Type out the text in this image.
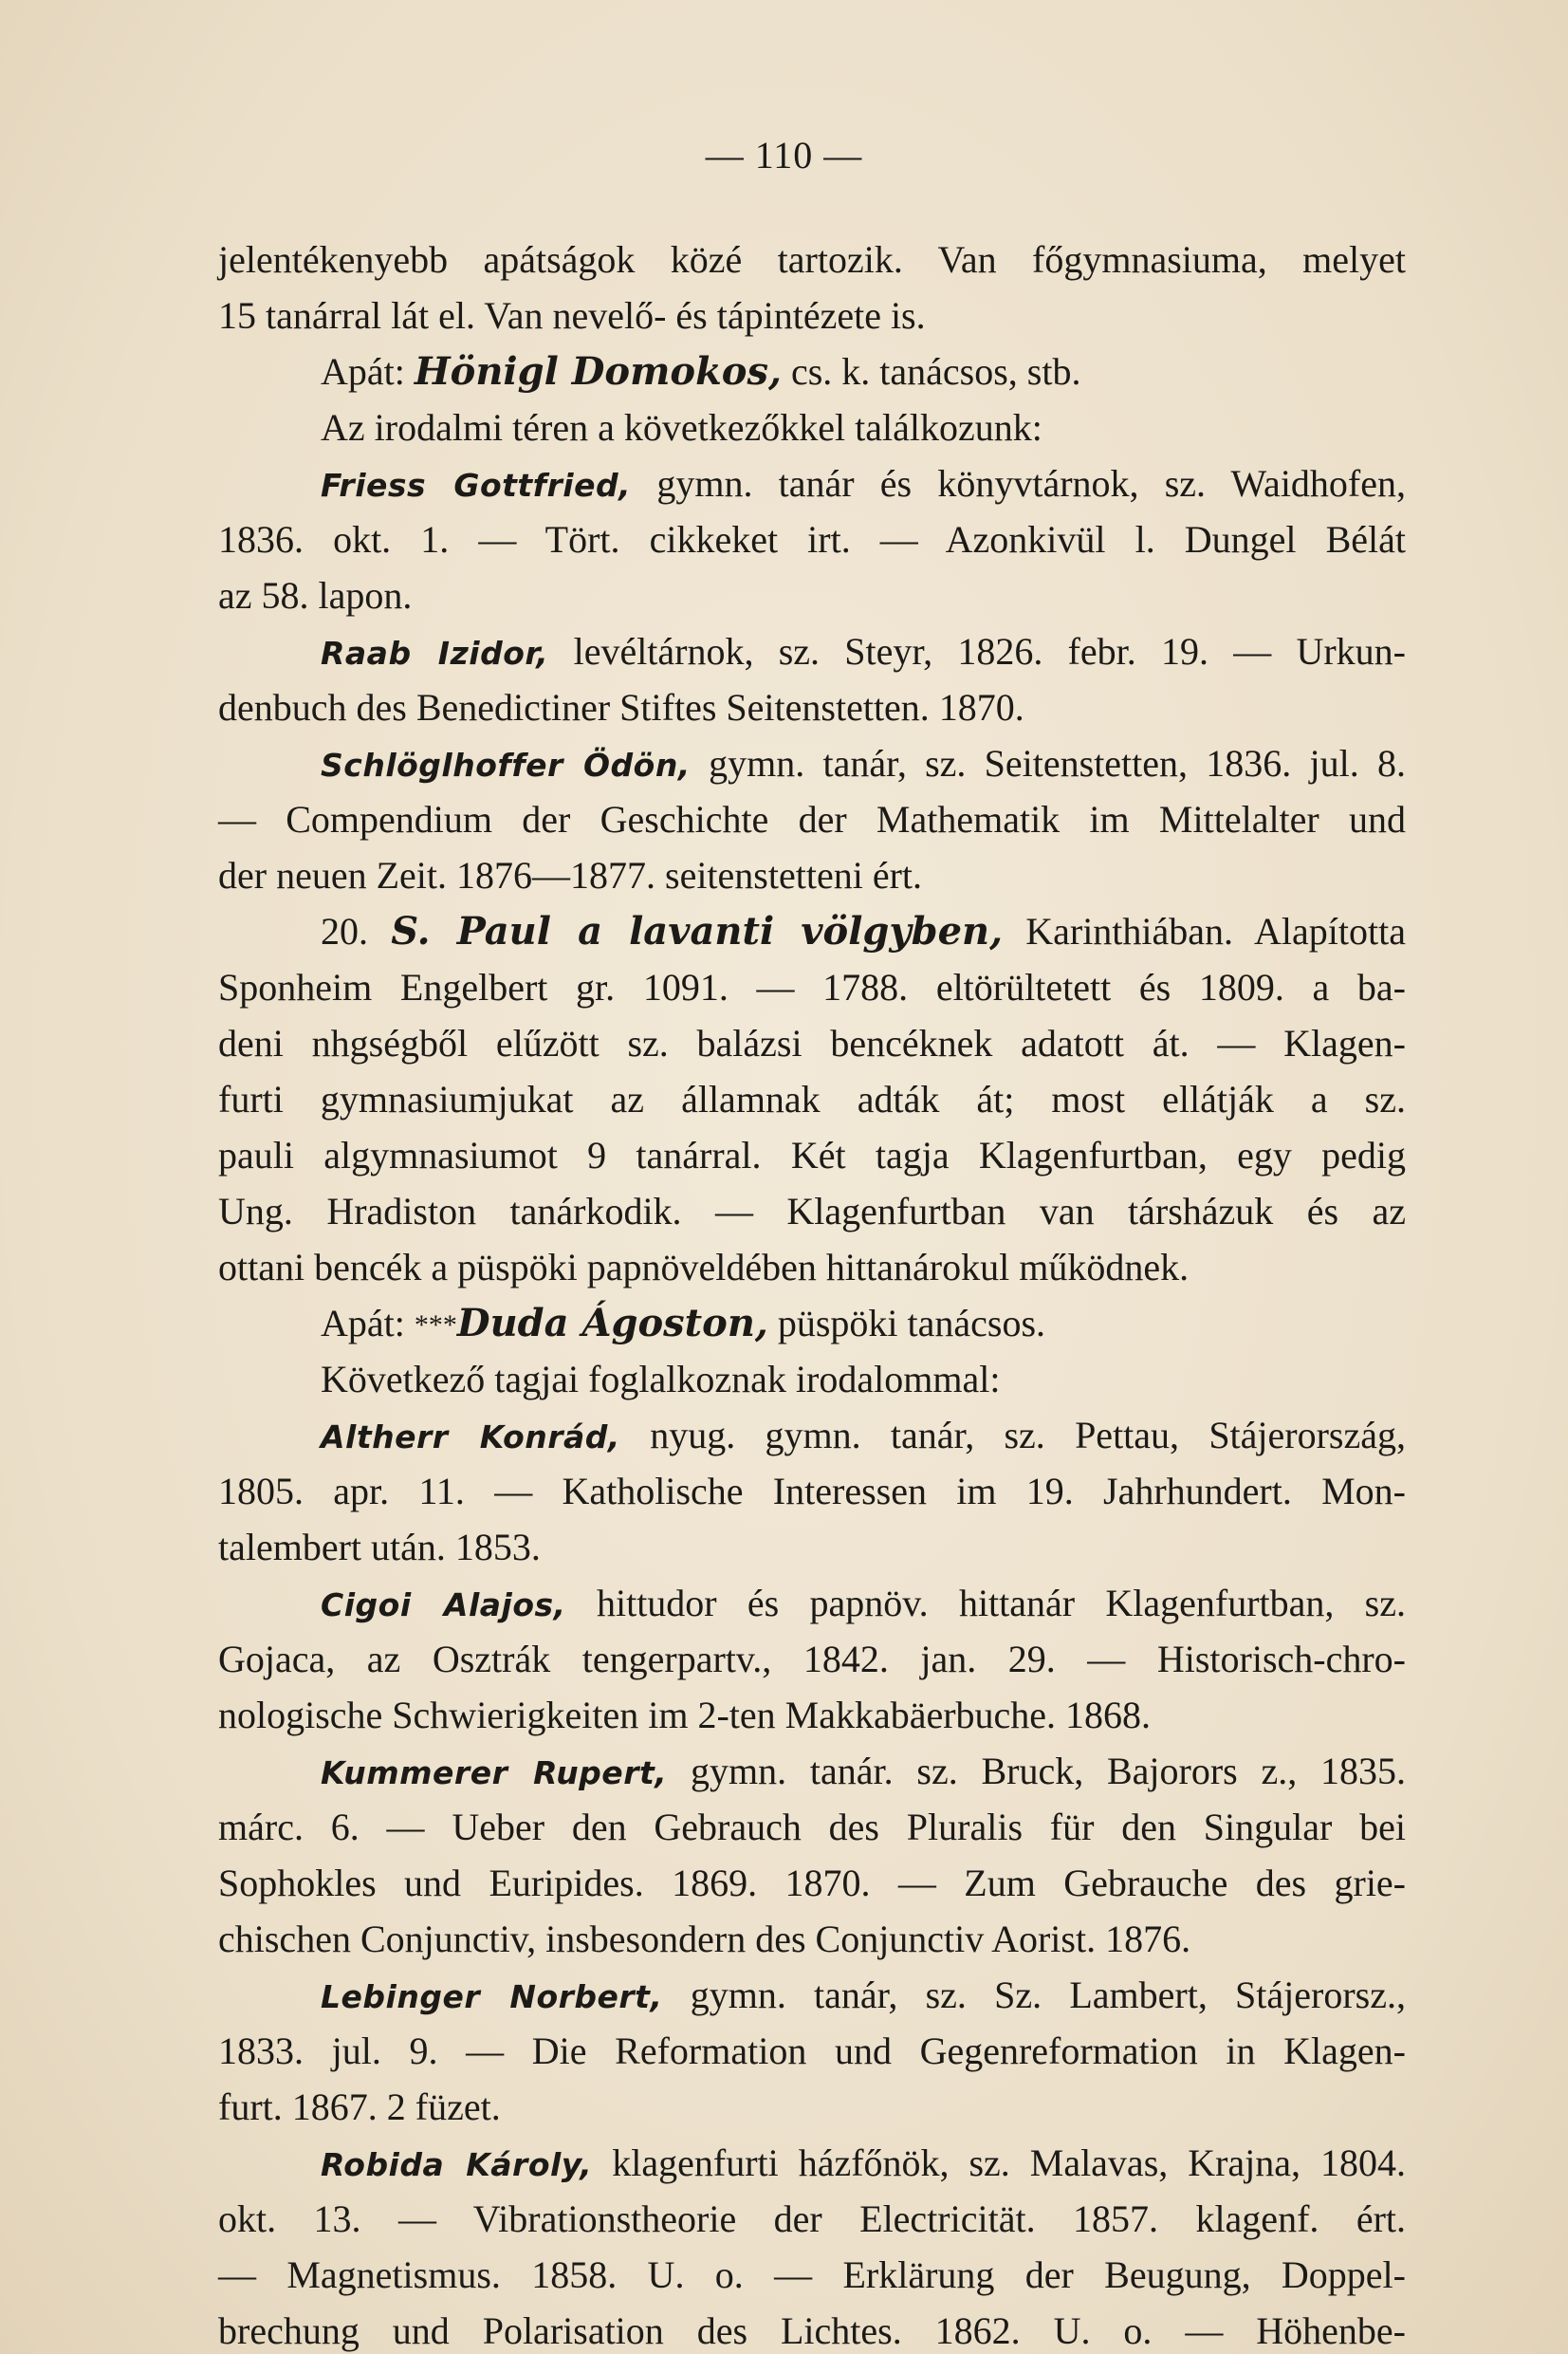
— 110 —
jelentékenyebb apátságok közé tartozik. Van főgymnasiuma, melyet
15 tanárral lát el. Van nevelő- és tápintézete is.
Apát: Hönigl Domokos, cs. k. tanácsos, stb.
Az irodalmi téren a következőkkel találkozunk:
Friess Gottfried, gymn. tanár és könyvtárnok, sz. Waidhofen,
1836. okt. 1. — Tört. cikkeket irt. — Azonkivül l. Dungel Bélát
az 58. lapon.
Raab Izidor, levéltárnok, sz. Steyr, 1826. febr. 19. — Urkun-
denbuch des Benedictiner Stiftes Seitenstetten. 1870.
Schlöglhoffer Ödön, gymn. tanár, sz. Seitenstetten, 1836. jul. 8.
— Compendium der Geschichte der Mathematik im Mittelalter und
der neuen Zeit. 1876—1877. seitenstetteni ért.
20. S. Paul a lavanti völgyben, Karinthiában. Alapította
Sponheim Engelbert gr. 1091. — 1788. eltörültetett és 1809. a ba-
deni nhgségből elűzött sz. balázsi bencéknek adatott át. — Klagen-
furti gymnasiumjukat az államnak adták át; most ellátják a sz.
pauli algymnasiumot 9 tanárral. Két tagja Klagenfurtban, egy pedig
Ung. Hradiston tanárkodik. — Klagenfurtban van társházuk és az
ottani bencék a püspöki papnöveldében hittanárokul működnek.
Apát: ***Duda Ágoston, püspöki tanácsos.
Következő tagjai foglalkoznak irodalommal:
Altherr Konrád, nyug. gymn. tanár, sz. Pettau, Stájerország,
1805. apr. 11. — Katholische Interessen im 19. Jahrhundert. Mon-
talembert után. 1853.
Cigoi Alajos, hittudor és papnöv. hittanár Klagenfurtban, sz.
Gojaca, az Osztrák tengerpartv., 1842. jan. 29. — Historisch-chro-
nologische Schwierigkeiten im 2-ten Makkabäerbuche. 1868.
Kummerer Rupert, gymn. tanár. sz. Bruck, Bajorors z., 1835.
márc. 6. — Ueber den Gebrauch des Pluralis für den Singular bei
Sophokles und Euripides. 1869. 1870. — Zum Gebrauche des grie-
chischen Conjunctiv, insbesondern des Conjunctiv Aorist. 1876.
Lebinger Norbert, gymn. tanár, sz. Sz. Lambert, Stájerorsz.,
1833. jul. 9. — Die Reformation und Gegenreformation in Klagen-
furt. 1867. 2 füzet.
Robida Károly, klagenfurti házfőnök, sz. Malavas, Krajna, 1804.
okt. 13. — Vibrationstheorie der Electricität. 1857. klagenf. ért.
— Magnetismus. 1858. U. o. — Erklärung der Beugung, Doppel-
brechung und Polarisation des Lichtes. 1862. U. o. — Höhenbe-
